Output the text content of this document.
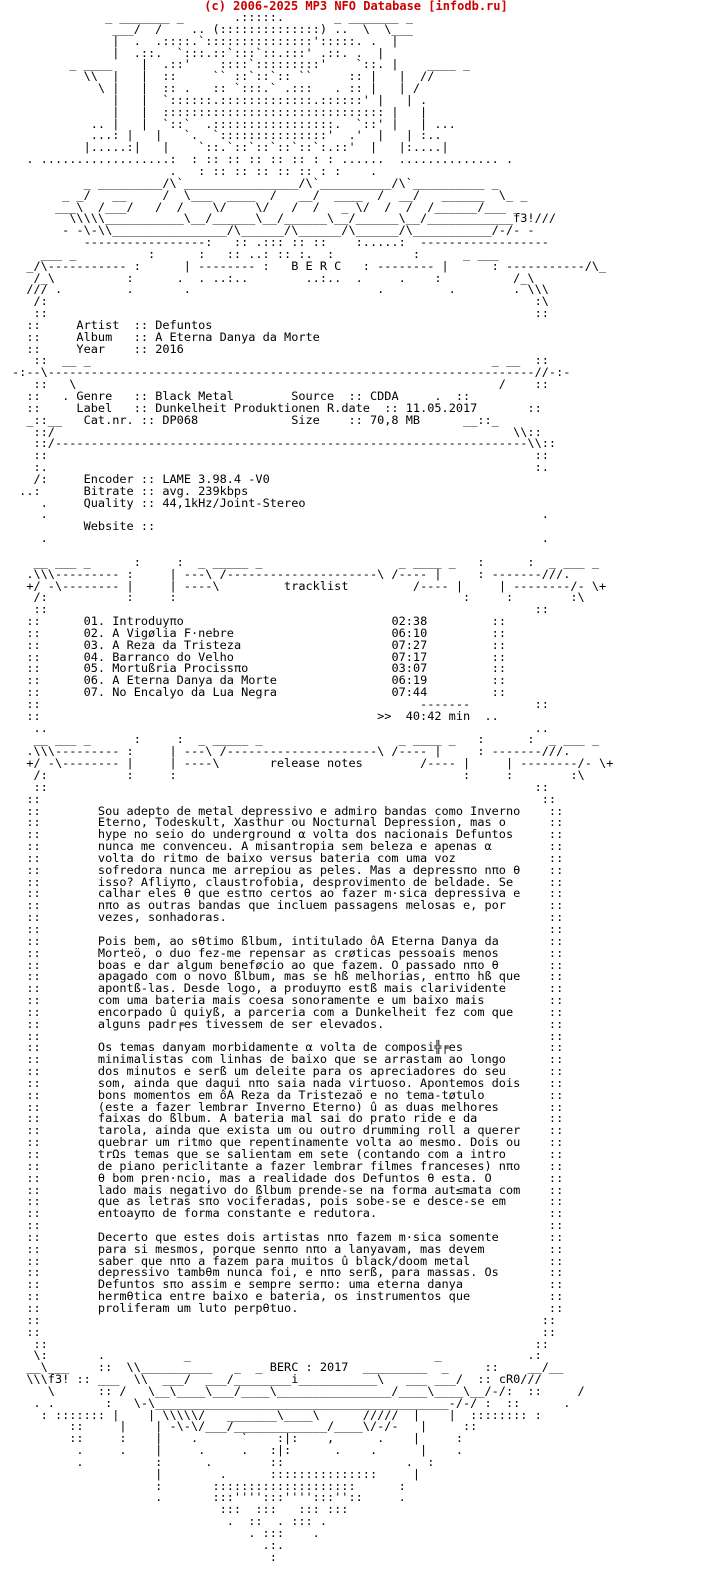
(c) 2006-2025 MP3 NFO Database [infodb.ru]
_ _______ _       .:::::.       _ _______ _
___/  /    .. (::::::::::::::) ..  \  \___
|  .  .::::.`:::::::::::::::':::::. .  |
|  .::.  `:::.::`:::`::.:::' .::. .  |
_ ____    |  .::'    ::::`:::::::::'    `::. |    ____ _
\\  |   |  ::     `` ::`::`:: ``     :: |   |  //
\ |   |  :: .   :: `:::.` .:::   . :: |   | /
|   |  `::::::.:::::::::::::.::::::' |   | .
|   |  ::::::::::::::::::::::::::::::: |   |
.. |   |  `::`  .:::::::::::::::::.  `::' |   | ...
...: |   |   `.  `:::::::::::::::'  .'  |   | :..
|.....:|   |    `::.`::`::`::`::`:.::'  |   |:....|
. ..................:  : :: :: :: :: :: : : ......  .............. .
.   : :: :: :: :: :: : :    .
_ _________/\`________________/\`__________/\`__________ _
_ _/   __     /  \___  ____  /   __/  ____  /  __/   ______  \_ _
___\  /___/   /  /    \/    \/   /  /   _ \/  /  /  /______/___ _
\\\\\___________\__/______\__/______\__/______\__/____________f3!///
- -\-\\________________/\______/\______/\______/\___________/-/- -
-----------------:   :: .::: :: ::    :.....:  ------------------
___ _          :      :   :: ..: :: :.  :           :      _ ___
_/\----------- :      | -------- :   B E R C   : -------- |      : -----------/\_
/_\          :      .  . ..:..        ..:..  .     .    :          /_\
/// .         .       .                          .         .        . \\\
/:                                                                    :\
::                                                                    ::
::     Artist  :: Defuntos
::     Album   :: A Eterna Danуa da Morte
::     Year    :: 2016
::  __ _                                                        _ __  ::
-:--\--------------------------------------------------------------------//-:-
::   \                                                           /    ::
::   . Genre   :: Black Metal        Source  :: CDDA	.  ::
::     Label   :: Dunkelheit Produktionen R.date  :: 11.05.2017	::
_::__   Cat.nr. :: DP068             Size    :: 70,8 MB	__::_
::/                                                                \\::
::/------------------------------------------------------------------\\::
::                                                                    ::
:.                                                                    :.
/:     Encoder :: LAME 3.98.4 -V0
..:      Bitrate :: avg. 239kbps
.     Quality :: 44,1kHz/Joint-Stereo
.                                                                     .
Website ::
.                                                                     .

__ ___ _      :     :  _ _____ _                   _ ____ _   :      :  _ ___ _
.\\\--------- :     | ---\ /---------------------\ /---- |     : -------///.
+/ -\-------- |     | ----\	tracklist	/---- |     | --------/- \+
/:           :     :                                        :     :        :\
::                                                                    ::
::	01. Introduуπo	02:38	::
::	02. A Vigølia F·nebre	06:10	::
::	03. A Reza da Tristeza	07:27	::
::	04. Barranco do Velho	07:17	::
::	05. Mortußria Procissπo	03:07	::
::	06. A Eterna Danуa da Morte	06:19	::
::	07. No Encalуo da Lua Negra	07:44	::
::                                                     -------         ::
::                                               >>  40:42 min  ..
..                                                                    ..
__ ___ _      :     :  _ _____ _                   _ ____ _   :      :  _ ___ _
.\\\--------- :     | ---\ /---------------------\ /---- |     : -------///.
+/ -\-------- |     | ----\	release notes	/---- |     | --------/- \+
/:           :     :                                        :     :        :\
::                                                                    ::
::                                                                      ::
::	Sou adepto de metal depressivo e admiro bandas como Inverno    ::
::	Eterno, Todeskult, Xasthur ou Nocturnal Depression, mas o	::
::	hype no seio do underground α volta dos nacionais Defuntos	::
::	nunca me convenceu. A misantropia sem beleza e apenas α	::
::	volta do ritmo de baixo versus bateria com uma voz	::
::	sofredora nunca me arrepiou as peles. Mas a depressπo nπo θ    ::
::	isso? Afliуπo, claustrofobia, desprovimento de beldade. Se	::
::	calhar eles θ que estπo certos ao fazer m·sica depressiva e    ::
::	nπo as outras bandas que incluem passagens melosas e, por	::
::	vezes, sonhadoras.	::
::                                                                       ::
::	Pois bem, ao sθtimo ßlbum, intitulado ôA Eterna Danуa da	::
::	Morteö, o duo fez-me repensar as crøticas pessoais menos	::
::	boas e dar algum beneføcio ao que fazem. O passado nπo θ	::
::	apagado com o novo ßlbum, mas se hß melhorias, entπo hß que    ::
::	apontß-las. Desde logo, a produуπo estß mais clarividente	::
::	com uma bateria mais coesa sonoramente e um baixo mais	::
::	encorpado û quiуß, a parceria com a Dunkelheit fez com que	::
::	alguns padr╒es tivessem de ser elevados.	::
::                                                                       ::
::	Os temas danуam morbidamente α volta de composi╬╒es	::
::	minimalistas com linhas de baixo que se arrastam ao longo	::
::	dos minutos e serß um deleite para os apreciadores do seu	::
::	som, ainda que daqui nπo saia nada virtuoso. Apontemos dois    ::
::	bons momentos em ôA Reza da Tristezaö e no tema-tøtulo	::
::	(este a fazer lembrar Inverno Eterno) û as duas melhores	::
::	faixas do ßlbum. A bateria mal sai do prato ride e da	::
::	tarola, ainda que exista um ou outro drumming roll a querer    ::
::	quebrar um ritmo que repentinamente volta ao mesmo. Dois ou    ::
::	trΩs temas que se salientam em sete (contando com a intro	::
::	de piano periclitante a fazer lembrar filmes franceses) nπo    ::
::	θ bom pren·ncio, mas a realidade dos Defuntos θ esta. O	::
::	lado mais negativo do ßlbum prende-se na forma aut≤mata com    ::
::	que as letras sπo vociferadas, pois sobe-se e desce-se em	::
::	entoaуπo de forma constante e redutora.	::
::                                                                       ::
::	Decerto que estes dois artistas nπo fazem m·sica somente	::
::	para si mesmos, porque senπo nπo a lanуavam, mas devem	::
::	saber que nπo a fazem para muitos û black/doom metal	::
::	depressivo tambθm nunca foi, e nπo serß, para massas. Os	::
::	Defuntos sπo assim e sempre serπo: uma eterna danуa	::
::	hermθtica entre baixo e bateria, os instrumentos que	::
::	proliferam um luto perpθtuo.	::
::                                                                      ::
::                                                                      ::
::                                                                    ::
\:       .           _                                  _            .:
__\___    ::  \\__________   _  _ BERC : 2017  _________  _     ::    __/__
\\\f3! :: ___  \\  ___/  ___/________i___________\   ___ ___/  :: cR0///
\      :: /   \__\____\___/____\________________/____\____\__/-/:  ::     /
. .       :   \-\_________________________________________-/-/ :  ::      .
: ::::::: |    | \\\\\/   _______\____\      /////  |    |  :::::::: :
::     |    | -\-\/___/_____________/____\/-/-   |     ::
::     :    |    .      `    :|:    ,      .    |     :
.     .    |     .     .   :|:      .    .      |    .
.          :      .        ::                 .  :
|        .      :::::::::::::::     |
:       ::::::::::::::::::::      :
.       :::'''':::'''':::''::     .
:::  :::   ::: :::
.  ::  . ::: .
. :::    .
.:.
:
